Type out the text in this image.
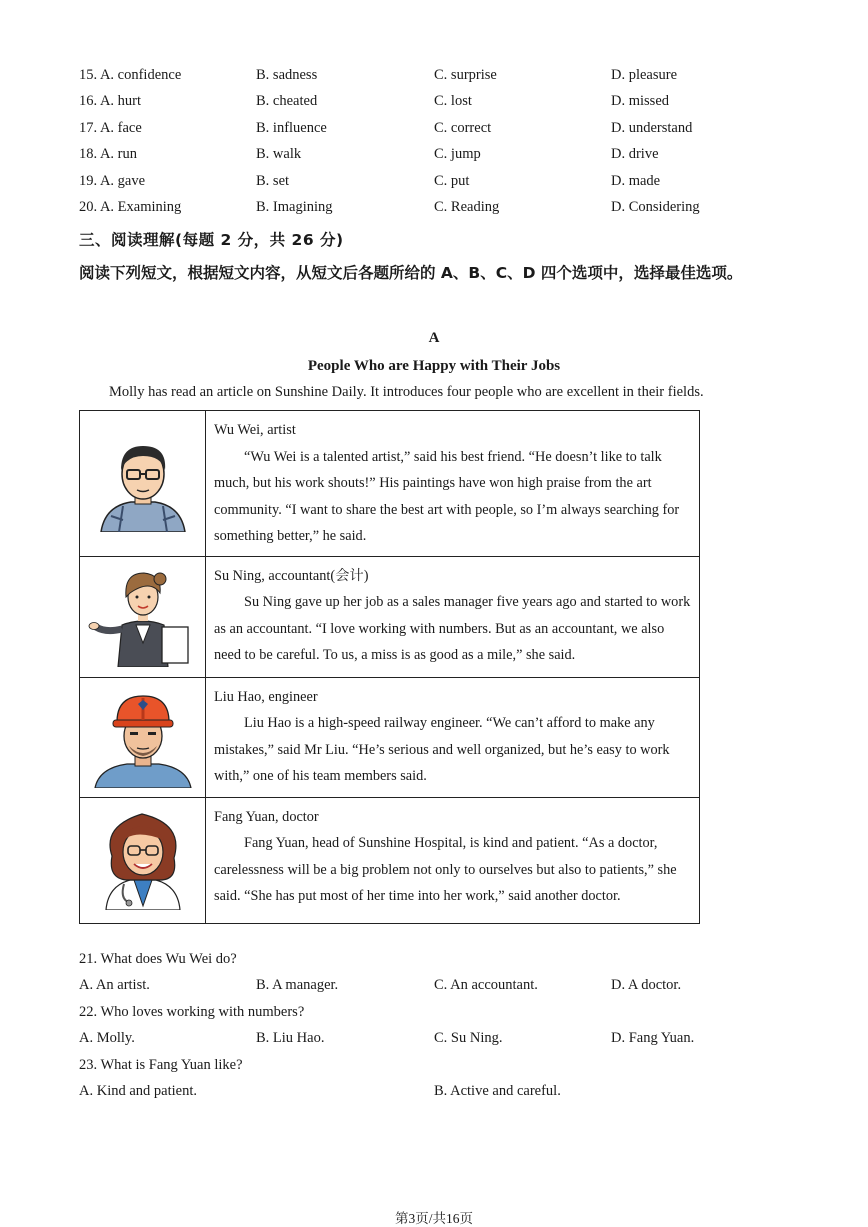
15. A. confidence	B. sadness	C. surprise	D. pleasure
16. A. hurt	B. cheated	C. lost	D. missed
17. A. face	B. influence	C. correct	D. understand
18. A. run	B. walk	C. jump	D. drive
19. A. gave	B. set	C. put	D. made
20. A. Examining	B. Imagining	C. Reading	D. Considering
三、阅读理解(每题 2 分，共 26 分)
阅读下列短文，根据短文内容，从短文后各题所给的 A、B、C、D 四个选项中，选择最佳选项。
A
People Who are Happy with Their Jobs
Molly has read an article on Sunshine Daily. It introduces four people who are excellent in their fields.

Wu Wei, artist
“Wu Wei is a talented artist,” said his best friend. “He doesn’t like to talk much, but his work shouts!” His paintings have won high praise from the art community. “I want to share the best art with people, so I’m always searching for something better,” he said.

Su Ning, accountant(会计)
Su Ning gave up her job as a sales manager five years ago and started to work as an accountant. “I love working with numbers. But as an accountant, we also need to be careful. To us, a miss is as good as a mile,” she said.

Liu Hao, engineer
Liu Hao is a high-speed railway engineer. “We can’t afford to make any mistakes,” said Mr Liu. “He’s serious and well organized, but he’s easy to work with,” one of his team members said.

Fang Yuan, doctor
Fang Yuan, head of Sunshine Hospital, is kind and patient. “As a doctor, carelessness will be a big problem not only to ourselves but also to patients,” she said. “She has put most of her time into her work,” said another doctor.
21. What does Wu Wei do?
A. An artist.	B. A manager.	C. An accountant.	D. A doctor.
22. Who loves working with numbers?
A. Molly.	B. Liu Hao.	C. Su Ning.	D. Fang Yuan.
23. What is Fang Yuan like?
A. Kind and patient.	B. Active and careful.
第3页/共16页
